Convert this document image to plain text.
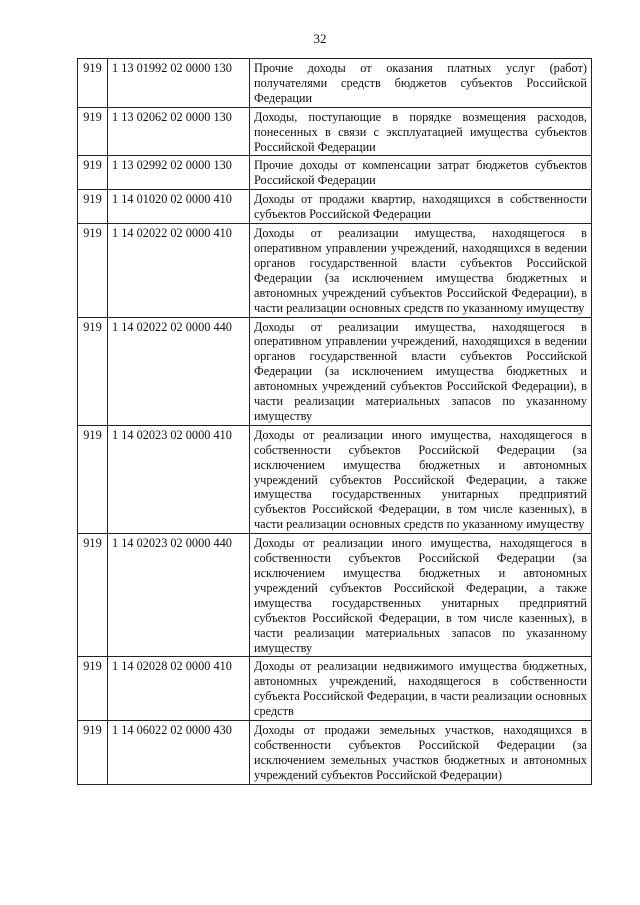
32
919	1 13 01992 02 0000 130	Прочие доходы от оказания платных услуг (работ) получателями средств бюджетов субъектов Российской Федерации
919	1 13 02062 02 0000 130	Доходы, поступающие в порядке возмещения расходов, понесенных в связи с эксплуатацией имущества субъектов Российской Федерации
919	1 13 02992 02 0000 130	Прочие доходы от компенсации затрат бюджетов субъектов Российской Федерации
919	1 14 01020 02 0000 410	Доходы от продажи квартир, находящихся в собственности субъектов Российской Федерации
919	1 14 02022 02 0000 410	Доходы от реализации имущества, находящегося в оперативном управлении учреждений, находящихся в ведении органов государственной власти субъектов Российской Федерации (за исключением имущества бюджетных и автономных учреждений субъектов Российской Федерации), в части реализации основных средств по указанному имуществу
919	1 14 02022 02 0000 440	Доходы от реализации имущества, находящегося в оперативном управлении учреждений, находящихся в ведении органов государственной власти субъектов Российской Федерации (за исключением имущества бюджетных и автономных учреждений субъектов Российской Федерации), в части реализации материальных запасов по указанному имуществу
919	1 14 02023 02 0000 410	Доходы от реализации иного имущества, находящегося в собственности субъектов Российской Федерации (за исключением имущества бюджетных и автономных учреждений субъектов Российской Федерации, а также имущества государственных унитарных предприятий субъектов Российской Федерации, в том числе казенных), в части реализации основных средств по указанному имуществу
919	1 14 02023 02 0000 440	Доходы от реализации иного имущества, находящегося в собственности субъектов Российской Федерации (за исключением имущества бюджетных и автономных учреждений субъектов Российской Федерации, а также имущества государственных унитарных предприятий субъектов Российской Федерации, в том числе казенных), в части реализации материальных запасов по указанному имуществу
919	1 14 02028 02 0000 410	Доходы от реализации недвижимого имущества бюджетных, автономных учреждений, находящегося в собственности субъекта Российской Федерации, в части реализации основных средств
919	1 14 06022 02 0000 430	Доходы от продажи земельных участков, находящихся в собственности субъектов Российской Федерации (за исключением земельных участков бюджетных и автономных учреждений субъектов Российской Федерации)
